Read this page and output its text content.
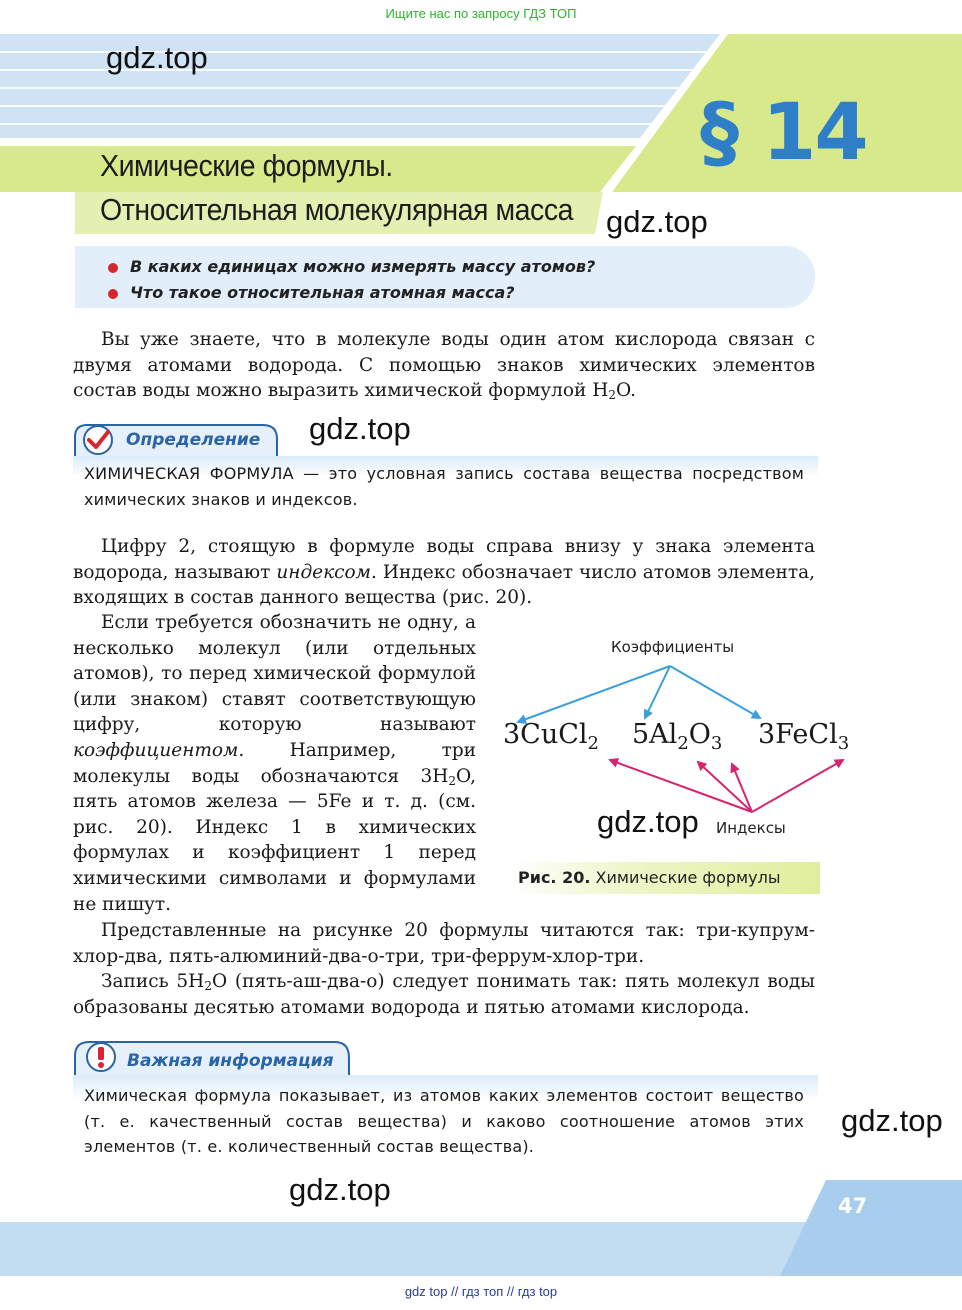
Ищите нас по запросу ГДЗ ТОП
gdz.top
Химические формулы.
Относительная молекулярная масса
§ 14
gdz.top
В каких единицах можно измерять массу атомов?
Что такое относительная атомная масса?
Вы уже знаете, что в молекуле воды один атом кислорода связан с двумя атомами водорода. С помощью знаков химических элементов состав воды можно выразить химической формулой $H_2O$.
Определение gdz.top
ХИМИЧЕСКАЯ ФОРМУЛА — это условная запись состава вещества посредством химических знаков и индексов.
Цифру 2, стоящую в формуле воды справа внизу у знака элемента водорода, называют индексом. Индекс обозначает число атомов элемента, входящих в состав данного вещества (рис. 20).
Если требуется обозначить не одну, а несколько молекул (или отдельных атомов), то перед химической формулой (или знаком) ставят соответствующую цифру, которую называют коэффициентом. Например, три молекулы воды обозначаются $3H_2O$, пять атомов железа — 5Fe и т. д. (см. рис. 20). Индекс 1 в химических формулах и коэффициент 1 перед химическими символами и формулами не пишут.
Коэффициенты
3CuCl$_2$ $5Al_2O_3$ 3FeCl$_3$
gdz.top Индексы
Рис. 20. Химические формулы
Представленные на рисунке 20 формулы читаются так: три-купрум-хлор-два, пять-алюминий-два-о-три, три-феррум-хлор-три.
Запись $5H_2O$ (пять-аш-два-о) следует понимать так: пять молекул воды образованы десятью атомами водорода и пятью атомами кислорода.
Важная информация
Химическая формула показывает, из атомов каких элементов состоит вещество (т. е. качественный состав вещества) и каково соотношение атомов этих элементов (т. е. количественный состав вещества).
gdz.top
gdz.top	47
gdz top // гдз топ // гдз top
